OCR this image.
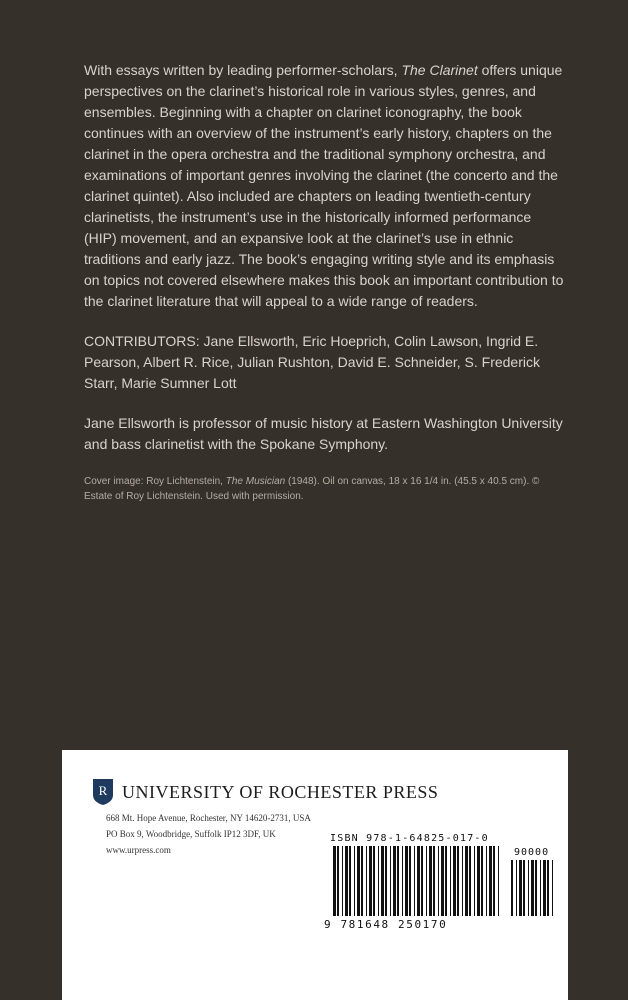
With essays written by leading performer-scholars, The Clarinet offers unique perspectives on the clarinet’s historical role in various styles, genres, and ensembles. Beginning with a chapter on clarinet iconography, the book continues with an overview of the instrument’s early history, chapters on the clarinet in the opera orchestra and the traditional symphony orchestra, and examinations of important genres involving the clarinet (the concerto and the clarinet quintet). Also included are chapters on leading twentieth-century clarinetists, the instrument’s use in the historically informed performance (HIP) movement, and an expansive look at the clarinet’s use in ethnic traditions and early jazz. The book’s engaging writing style and its emphasis on topics not covered elsewhere makes this book an important contribution to the clarinet literature that will appeal to a wide range of readers.

CONTRIBUTORS: Jane Ellsworth, Eric Hoeprich, Colin Lawson, Ingrid E. Pearson, Albert R. Rice, Julian Rushton, David E. Schneider, S. Frederick Starr, Marie Sumner Lott

Jane Ellsworth is professor of music history at Eastern Washington University and bass clarinetist with the Spokane Symphony.

Cover image: Roy Lichtenstein, The Musician (1948). Oil on canvas, 18 x 16 1/4 in. (45.5 x 40.5 cm). © Estate of Roy Lichtenstein. Used with permission.
R UNIVERSITY OF ROCHESTER PRESS
668 Mt. Hope Avenue, Rochester, NY 14620-2731, USA
PO Box 9, Woodbridge, Suffolk IP12 3DF, UK
www.urpress.com
ISBN 978-1-64825-017-0
90000
9 781648 250170
